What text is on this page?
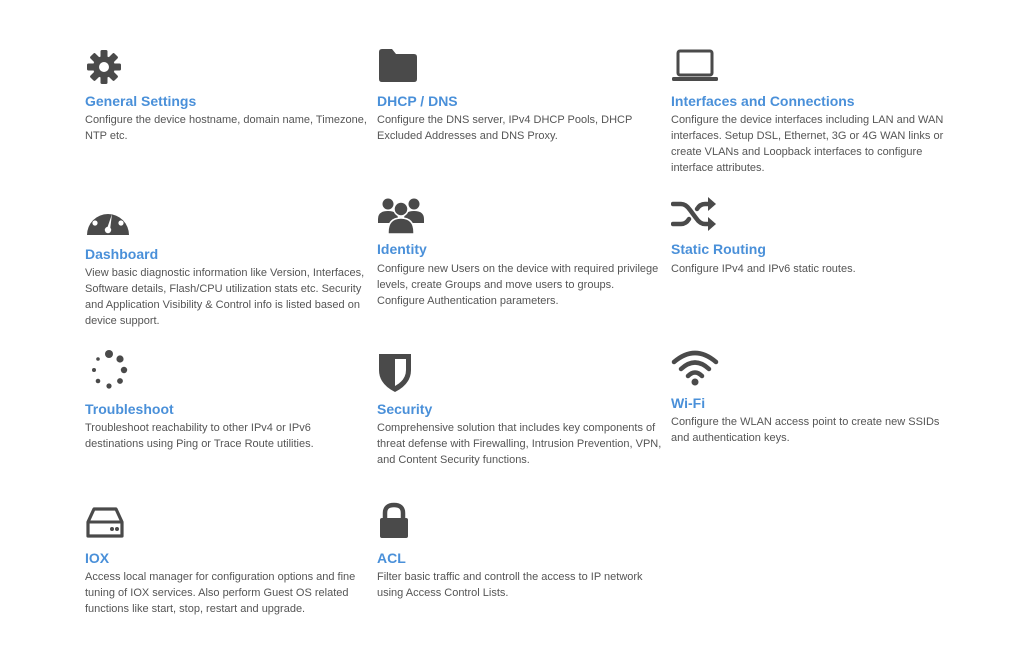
General Settings
Configure the device hostname, domain name, Timezone, NTP etc.
DHCP / DNS
Configure the DNS server, IPv4 DHCP Pools, DHCP Excluded Addresses and DNS Proxy.
Interfaces and Connections
Configure the device interfaces including LAN and WAN interfaces. Setup DSL, Ethernet, 3G or 4G WAN links or create VLANs and Loopback interfaces to configure interface attributes.
Dashboard
View basic diagnostic information like Version, Interfaces, Software details, Flash/CPU utilization stats etc. Security and Application Visibility & Control info is listed based on device support.
Identity
Configure new Users on the device with required privilege levels, create Groups and move users to groups. Configure Authentication parameters.
Static Routing
Configure IPv4 and IPv6 static routes.
Troubleshoot
Troubleshoot reachability to other IPv4 or IPv6 destinations using Ping or Trace Route utilities.
Security
Comprehensive solution that includes key components of threat defense with Firewalling, Intrusion Prevention, VPN, and Content Security functions.
Wi-Fi
Configure the WLAN access point to create new SSIDs and authentication keys.
IOX
Access local manager for configuration options and fine tuning of IOX services. Also perform Guest OS related functions like start, stop, restart and upgrade.
ACL
Filter basic traffic and controll the access to IP network using Access Control Lists.
